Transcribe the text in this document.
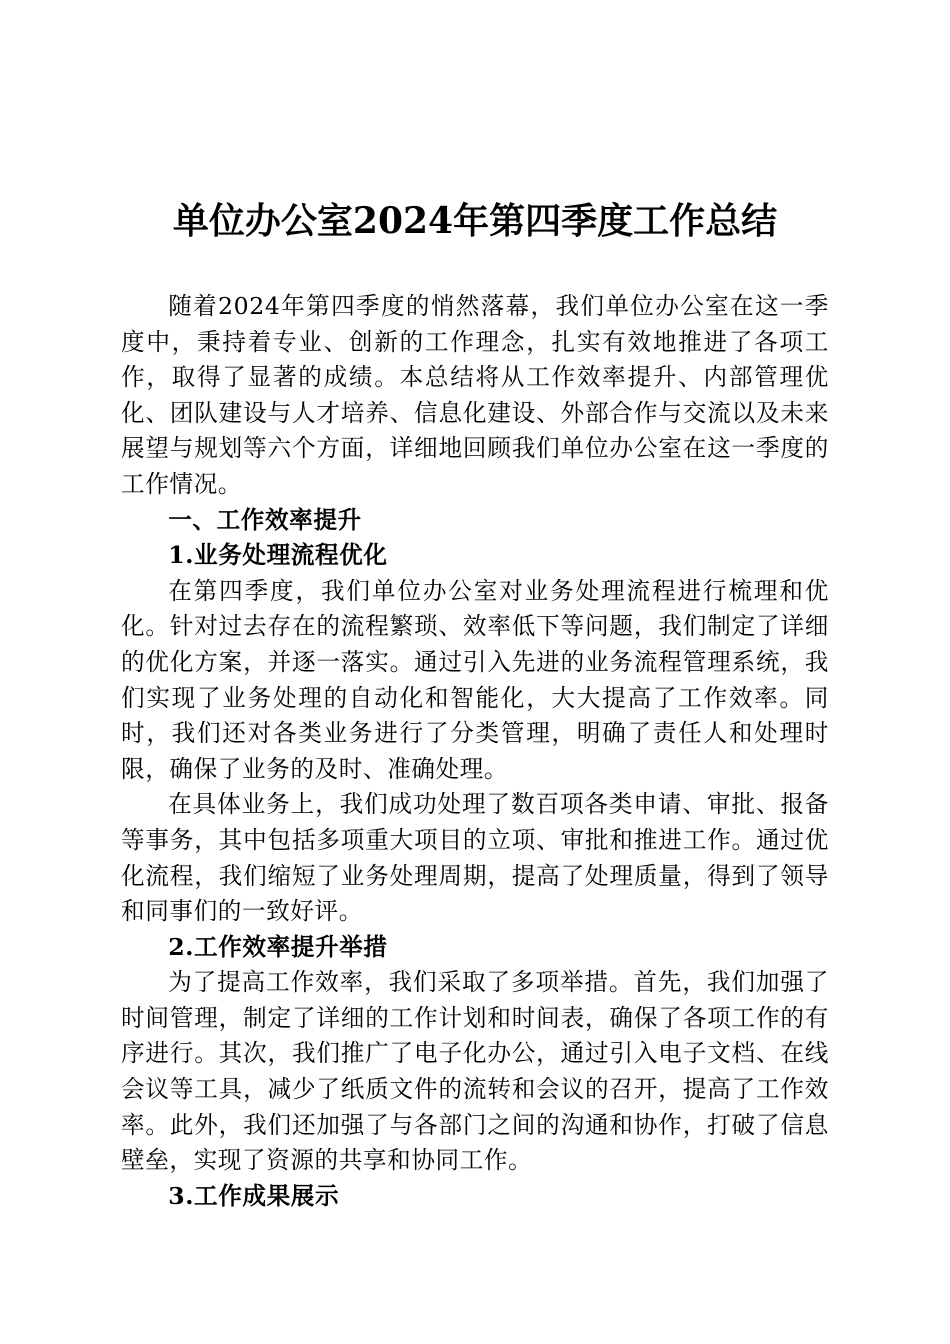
单位办公室2024年第四季度工作总结

随着2024年第四季度的悄然落幕，我们单位办公室在这一季度中，秉持着专业、创新的工作理念，扎实有效地推进了各项工作，取得了显著的成绩。本总结将从工作效率提升、内部管理优化、团队建设与人才培养、信息化建设、外部合作与交流以及未来展望与规划等六个方面，详细地回顾我们单位办公室在这一季度的工作情况。

一、工作效率提升

1.业务处理流程优化

在第四季度，我们单位办公室对业务处理流程进行梳理和优化。针对过去存在的流程繁琐、效率低下等问题，我们制定了详细的优化方案，并逐一落实。通过引入先进的业务流程管理系统，我们实现了业务处理的自动化和智能化，大大提高了工作效率。同时，我们还对各类业务进行了分类管理，明确了责任人和处理时限，确保了业务的及时、准确处理。

在具体业务上，我们成功处理了数百项各类申请、审批、报备等事务，其中包括多项重大项目的立项、审批和推进工作。通过优化流程，我们缩短了业务处理周期，提高了处理质量，得到了领导和同事们的一致好评。

2.工作效率提升举措

为了提高工作效率，我们采取了多项举措。首先，我们加强了时间管理，制定了详细的工作计划和时间表，确保了各项工作的有序进行。其次，我们推广了电子化办公，通过引入电子文档、在线会议等工具，减少了纸质文件的流转和会议的召开，提高了工作效率。此外，我们还加强了与各部门之间的沟通和协作，打破了信息壁垒，实现了资源的共享和协同工作。

3.工作成果展示
